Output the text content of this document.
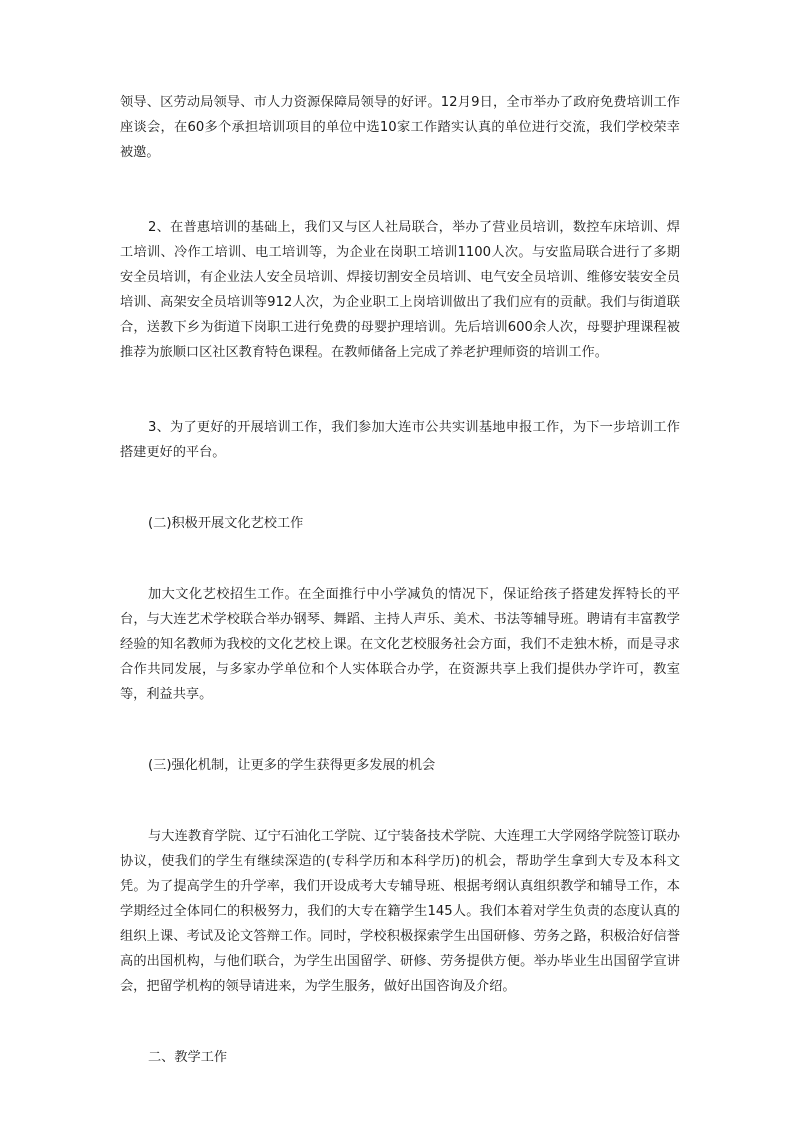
领导、区劳动局领导、市人力资源保障局领导的好评。12月9日，全市举办了政府免费培训工作座谈会，在60多个承担培训项目的单位中选10家工作踏实认真的单位进行交流，我们学校荣幸被邀。

2、在普惠培训的基础上，我们又与区人社局联合，举办了营业员培训，数控车床培训、焊工培训、冷作工培训、电工培训等，为企业在岗职工培训1100人次。与安监局联合进行了多期安全员培训，有企业法人安全员培训、焊接切割安全员培训、电气安全员培训、维修安装安全员培训、高架安全员培训等912人次，为企业职工上岗培训做出了我们应有的贡献。我们与街道联合，送教下乡为街道下岗职工进行免费的母婴护理培训。先后培训600余人次，母婴护理课程被推荐为旅顺口区社区教育特色课程。在教师储备上完成了养老护理师资的培训工作。

3、为了更好的开展培训工作，我们参加大连市公共实训基地申报工作，为下一步培训工作搭建更好的平台。

(二)积极开展文化艺校工作

加大文化艺校招生工作。在全面推行中小学减负的情况下，保证给孩子搭建发挥特长的平台，与大连艺术学校联合举办钢琴、舞蹈、主持人声乐、美术、书法等辅导班。聘请有丰富教学经验的知名教师为我校的文化艺校上课。在文化艺校服务社会方面，我们不走独木桥，而是寻求合作共同发展，与多家办学单位和个人实体联合办学，在资源共享上我们提供办学许可，教室等，利益共享。

(三)强化机制，让更多的学生获得更多发展的机会

与大连教育学院、辽宁石油化工学院、辽宁装备技术学院、大连理工大学网络学院签订联办协议，使我们的学生有继续深造的(专科学历和本科学历)的机会，帮助学生拿到大专及本科文凭。为了提高学生的升学率，我们开设成考大专辅导班、根据考纲认真组织教学和辅导工作，本学期经过全体同仁的积极努力，我们的大专在籍学生145人。我们本着对学生负责的态度认真的组织上课、考试及论文答辩工作。同时，学校积极探索学生出国研修、劳务之路，积极洽好信誉高的出国机构，与他们联合，为学生出国留学、研修、劳务提供方便。举办毕业生出国留学宣讲会，把留学机构的领导请进来，为学生服务，做好出国咨询及介绍。

二、教学工作
